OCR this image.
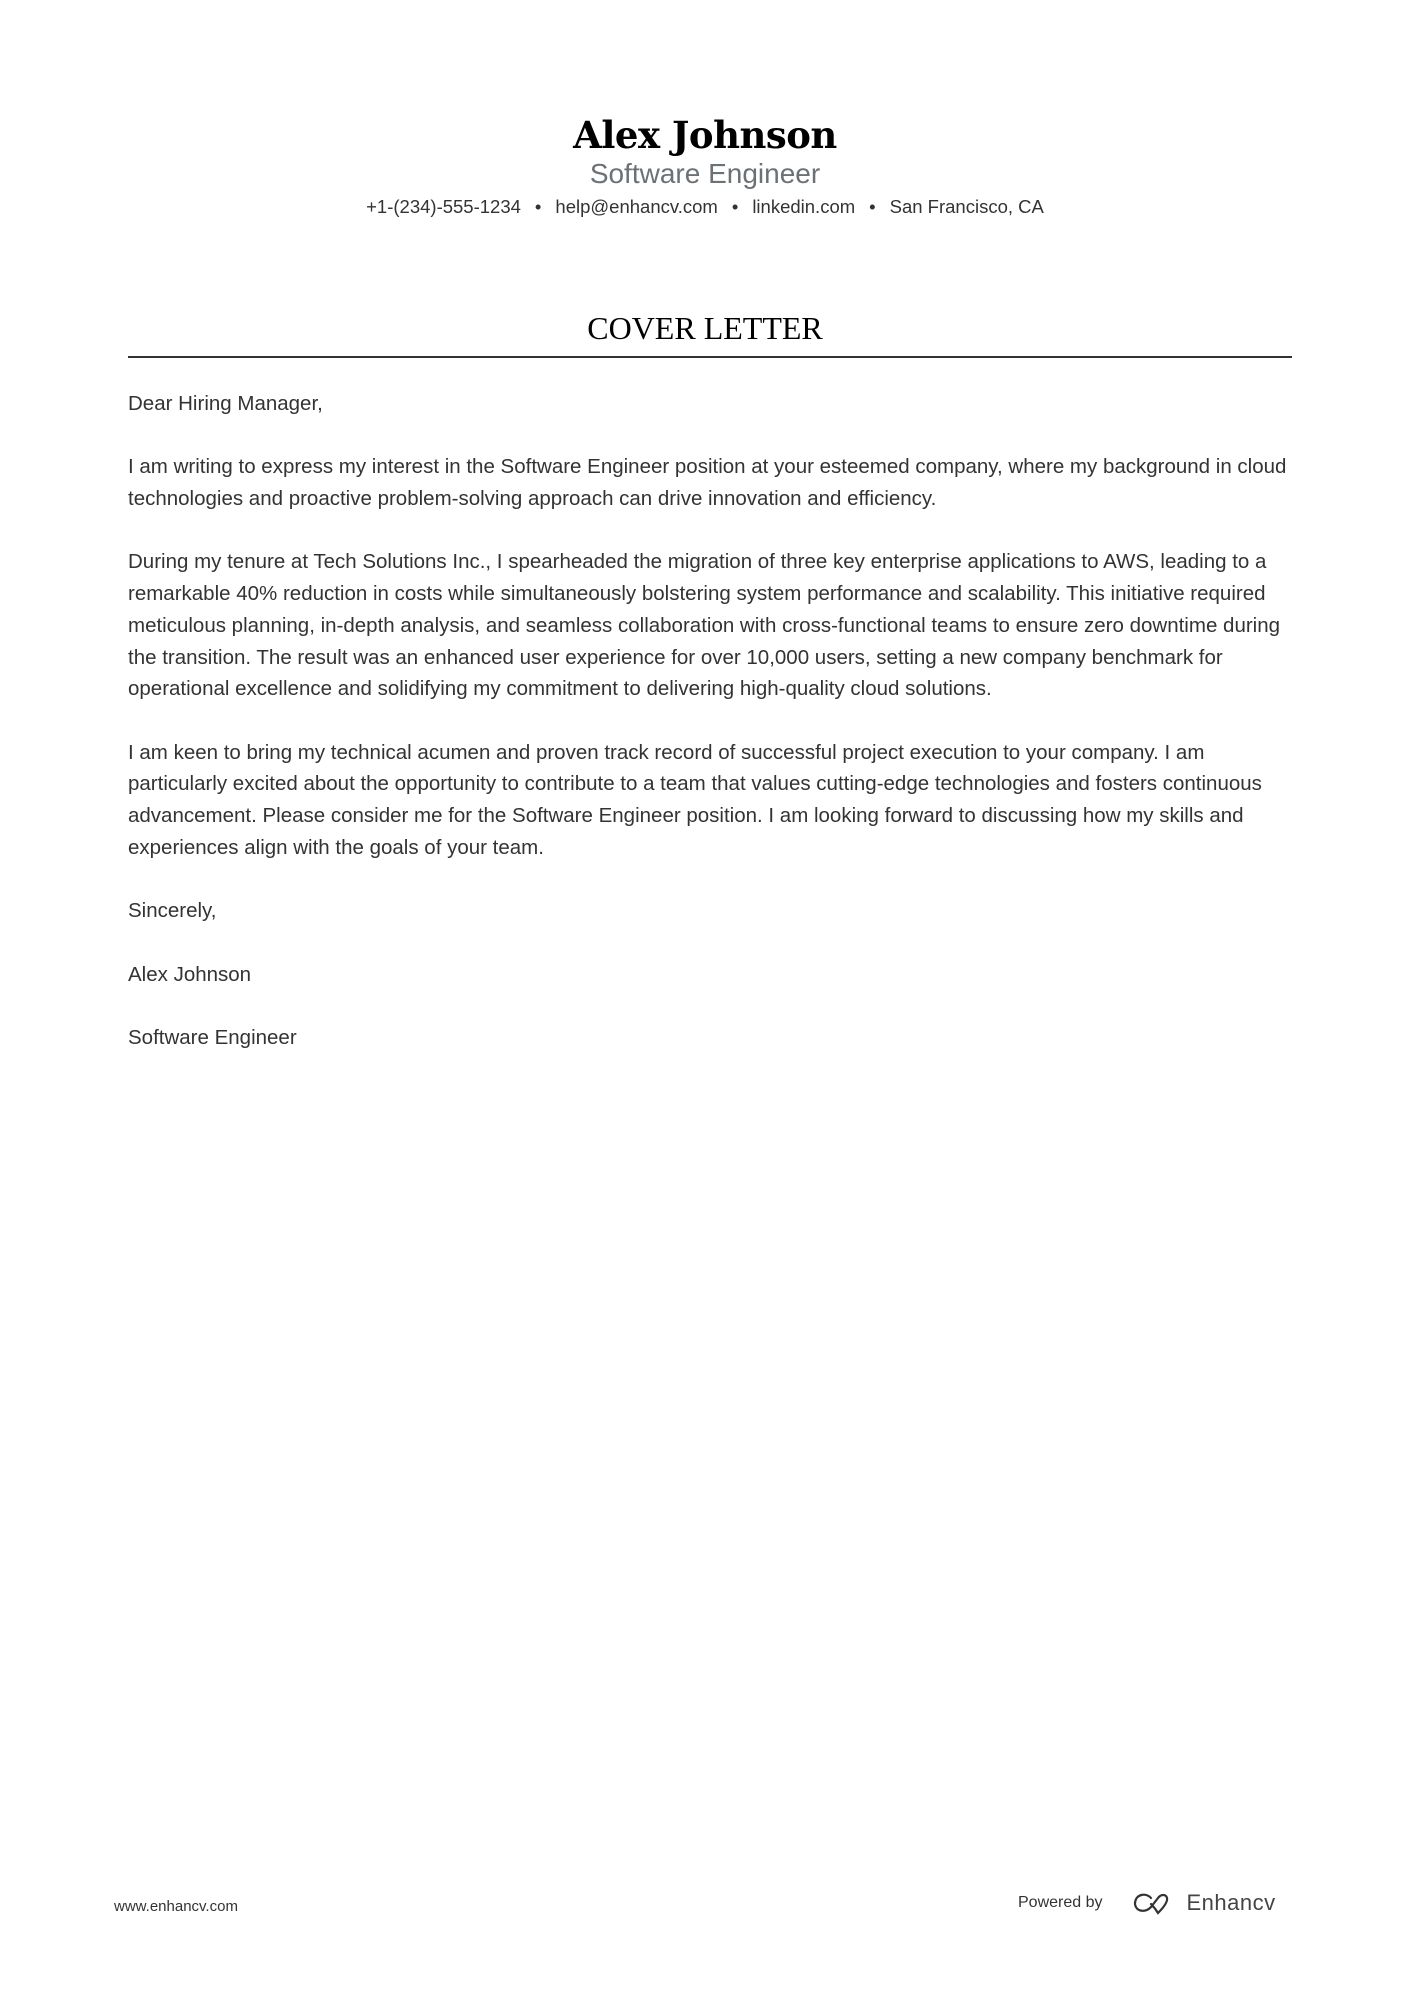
Alex Johnson
Software Engineer
+1-(234)-555-1234 • help@enhancv.com • linkedin.com • San Francisco, CA
COVER LETTER

Dear Hiring Manager,

I am writing to express my interest in the Software Engineer position at your esteemed company, where my background in cloud technologies and proactive problem-solving approach can drive innovation and efficiency.

During my tenure at Tech Solutions Inc., I spearheaded the migration of three key enterprise applications to AWS, leading to a remarkable 40% reduction in costs while simultaneously bolstering system performance and scalability. This initiative required meticulous planning, in-depth analysis, and seamless collaboration with cross-functional teams to ensure zero downtime during the transition. The result was an enhanced user experience for over 10,000 users, setting a new company benchmark for operational excellence and solidifying my commitment to delivering high-quality cloud solutions.

I am keen to bring my technical acumen and proven track record of successful project execution to your company. I am particularly excited about the opportunity to contribute to a team that values cutting-edge technologies and fosters continuous advancement. Please consider me for the Software Engineer position. I am looking forward to discussing how my skills and experiences align with the goals of your team.

Sincerely,

Alex Johnson

Software Engineer

www.enhancv.com	Powered by	Enhancv
